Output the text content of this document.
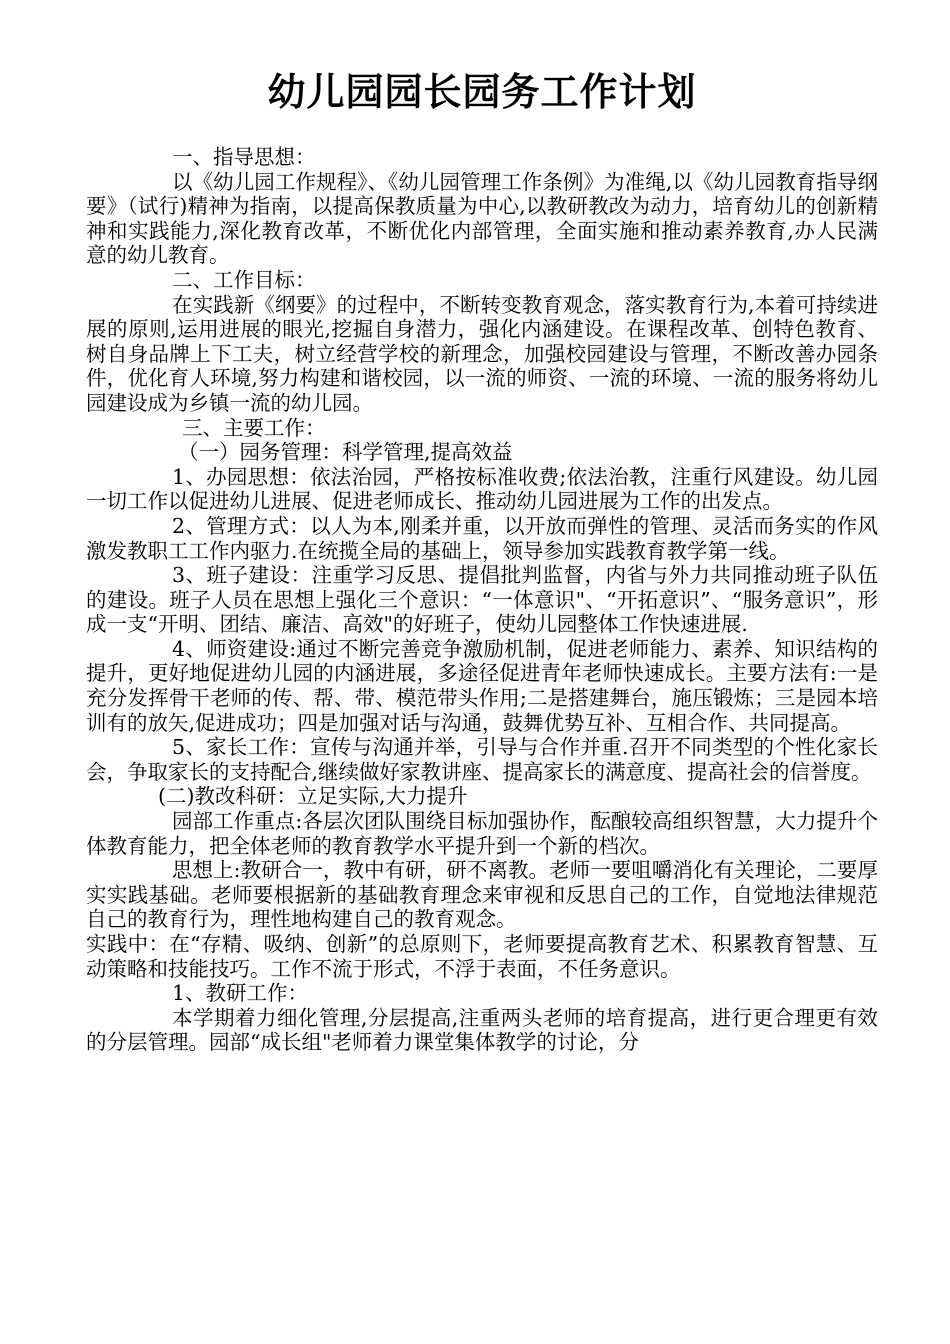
幼儿园园长园务工作计划

一、指导思想：

以《幼儿园工作规程》、《幼儿园管理工作条例》为准绳,以《幼儿园教育指导纲要》（试行)精神为指南，以提高保教质量为中心,以教研教改为动力，培育幼儿的创新精神和实践能力,深化教育改革，不断优化内部管理，全面实施和推动素养教育,办人民满意的幼儿教育。

二、工作目标：

在实践新《纲要》的过程中，不断转变教育观念，落实教育行为,本着可持续进展的原则,运用进展的眼光,挖掘自身潜力，强化内涵建设。在课程改革、创特色教育、树自身品牌上下工夫，树立经营学校的新理念，加强校园建设与管理，不断改善办园条件，优化育人环境,努力构建和谐校园，以一流的师资、一流的环境、一流的服务将幼儿园建设成为乡镇一流的幼儿园。

三、主要工作：

（一）园务管理：科学管理,提高效益

1、办园思想：依法治园，严格按标准收费;依法治教，注重行风建设。幼儿园一切工作以促进幼儿进展、促进老师成长、推动幼儿园进展为工作的出发点。

2、管理方式：以人为本,刚柔并重，以开放而弹性的管理、灵活而务实的作风激发教职工工作内驱力.在统揽全局的基础上，领导参加实践教育教学第一线。

3、班子建设：注重学习反思、提倡批判监督，内省与外力共同推动班子队伍的建设。班子人员在思想上强化三个意识：“一体意识"、“开拓意识”、“服务意识”，形成一支“开明、团结、廉洁、高效"的好班子，使幼儿园整体工作快速进展.

4、师资建设:通过不断完善竞争激励机制，促进老师能力、素养、知识结构的提升，更好地促进幼儿园的内涵进展，多途径促进青年老师快速成长。主要方法有:一是充分发挥骨干老师的传、帮、带、模范带头作用;二是搭建舞台，施压锻炼；三是园本培训有的放矢,促进成功；四是加强对话与沟通，鼓舞优势互补、互相合作、共同提高。

5、家长工作：宣传与沟通并举，引导与合作并重.召开不同类型的个性化家长会，争取家长的支持配合,继续做好家教讲座、提高家长的满意度、提高社会的信誉度。

(二)教改科研：立足实际,大力提升

园部工作重点:各层次团队围绕目标加强协作，酝酿较高组织智慧，大力提升个体教育能力，把全体老师的教育教学水平提升到一个新的档次。

思想上:教研合一，教中有研，研不离教。老师一要咀嚼消化有关理论，二要厚实实践基础。老师要根据新的基础教育理念来审视和反思自己的工作，自觉地法律规范自己的教育行为，理性地构建自己的教育观念。

实践中：在“存精、吸纳、创新”的总原则下，老师要提高教育艺术、积累教育智慧、互动策略和技能技巧。工作不流于形式，不浮于表面，不任务意识。

1、教研工作：

本学期着力细化管理,分层提高,注重两头老师的培育提高，进行更合理更有效的分层管理。园部“成长组"老师着力课堂集体教学的讨论，分
